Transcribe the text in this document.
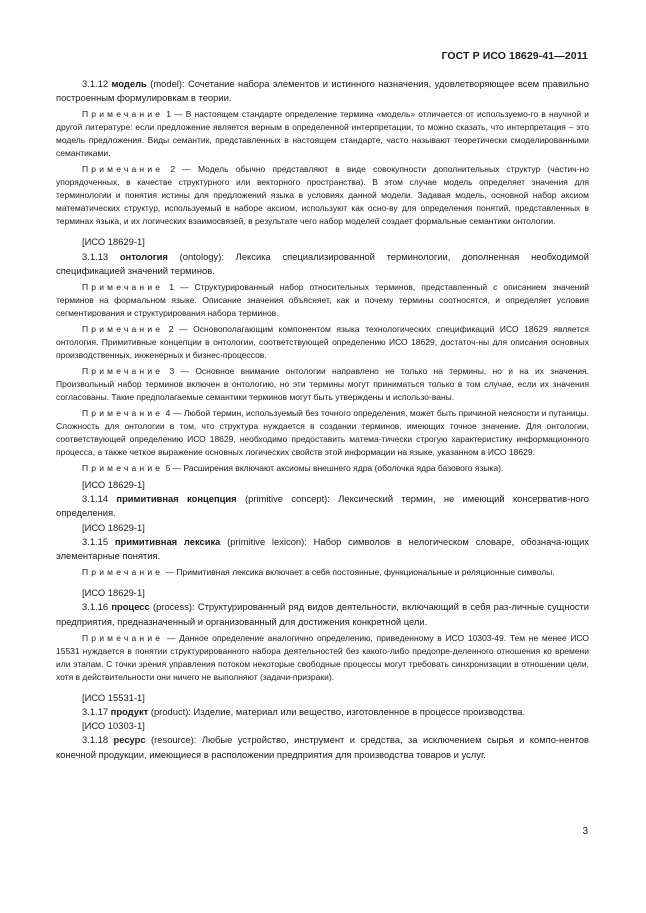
ГОСТ Р ИСО 18629-41—2011

3.1.12 модель (model): Сочетание набора элементов и истинного назначения, удовлетворяющее всем правильно построенным формулировкам в теории.

Примечание 1 — В настоящем стандарте определение термина «модель» отличается от используемо-го в научной и другой литературе: если предложение является верным в определенной интерпретации, то можно сказать, что интерпретация – это модель предложения. Виды семантик, представленных в настоящем стандарте, часто называют теоретически смоделированными семантиками.

Примечание 2 — Модель обычно представляют в виде совокупности дополнительных структур (частич-но упорядоченных, в качестве структурного или векторного пространства). В этом случае модель определяет значения для терминологии и понятия истины для предложений языка в условиях данной модели. Задавая модель, основной набор аксиом математических структур, используемый в наборе аксиом, используют как осно-ву для определения понятий, представленных в терминах языка, и их логических взаимосвязей, в результате чего набор моделей создает формальные семантики онтологии.

[ИСО 18629-1]

3.1.13 онтология (ontology): Лексика специализированной терминологии, дополненная необходимой спецификацией значений терминов.

Примечание 1 — Структурированный набор относительных терминов, представленный с описанием значений терминов на формальном языке. Описание значения объясняет, как и почему термины соотносятся, и определяет условия сегментирования и структурирования набора терминов.

Примечание 2 — Основополагающим компонентом языка технологических спецификаций ИСО 18629 является онтология. Примитивные концепции в онтологии, соответствующей определению ИСО 18629, достаточ-ны для описания основных производственных, инженерных и бизнес-процессов.

Примечание 3 — Основное внимание онтологии направлено не только на термины, но и на их значения. Произвольный набор терминов включен в онтологию, но эти термины могут приниматься только в том случае, если их значения согласованы. Такие предполагаемые семантики терминов могут быть утверждены и использо-ваны.

Примечание 4 — Любой термин, используемый без точного определения, может быть причиной неясности и путаницы. Сложность для онтологии в том, что структура нуждается в создании терминов, имеющих точное значение. Для онтологии, соответствующей определению ИСО 18629, необходимо предоставить матема-тически строгую характеристику информационного процесса, а также четкое выражение основных логических свойств этой информации на языке, указанном в ИСО 18629.

Примечание 5 — Расширения включают аксиомы внешнего ядра (оболочка ядра базового языка).

[ИСО 18629-1]

3.1.14 примитивная концепция (primitive concept): Лексический термин, не имеющий консерватив-ного определения.

[ИСО 18629-1]

3.1.15 примитивная лексика (primitive lexicon): Набор символов в нелогическом словаре, обознача-ющих элементарные понятия.

Примечание — Примитивная лексика включает в себя постоянные, функциональные и реляционные символы.

[ИСО 18629-1]

3.1.16 процесс (process): Структурированный ряд видов деятельности, включающий в себя раз-личные сущности предприятия, предназначенный и организованный для достижения конкретной цели.

Примечание — Данное определение аналогично определению, приведенному в ИСО 10303-49. Тем не менее ИСО 15531 нуждается в понятии структурированного набора деятельностей без какого-либо предопре-деленного отношения ко времени или этапам. С точки зрения управления потоком некоторые свободные процессы могут требовать синхронизации в отношении цели, хотя в действительности они ничего не выполняют (задачи-призраки).

[ИСО 15531-1]

3.1.17 продукт (product): Изделие, материал или вещество, изготовленное в процессе производства.

[ИСО 10303-1]

3.1.18 ресурс (resource): Любые устройство, инструмент и средства, за исключением сырья и компо-нентов конечной продукции, имеющиеся в расположении предприятия для производства товаров и услуг.

3
